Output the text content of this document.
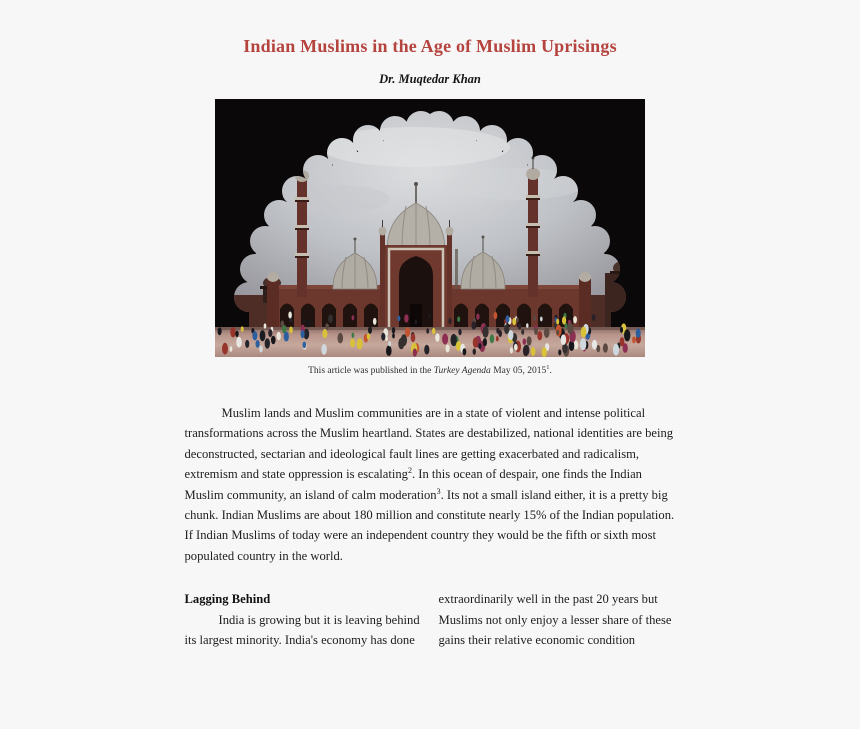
Indian Muslims in the Age of Muslim Uprisings
Dr. Muqtedar Khan
This article was published in the Turkey Agenda May 05, 2015$^1$.

Muslim lands and Muslim communities are in a state of violent and intense political transformations across the Muslim heartland. States are destabilized, national identities are being deconstructed, sectarian and ideological fault lines are getting exacerbated and radicalism, extremism and state oppression is escalating$^2$. In this ocean of despair, one finds the Indian Muslim community, an island of calm moderation$^3$. Its not a small island either, it is a pretty big chunk. Indian Muslims are about 180 million and constitute nearly 15% of the Indian population. If Indian Muslims of today were an independent country they would be the fifth or sixth most populated country in the world.

Lagging Behind

India is growing but it is leaving behind its largest minority. India's economy has done

extraordinarily well in the past 20 years but Muslims not only enjoy a lesser share of these gains their relative economic condition
